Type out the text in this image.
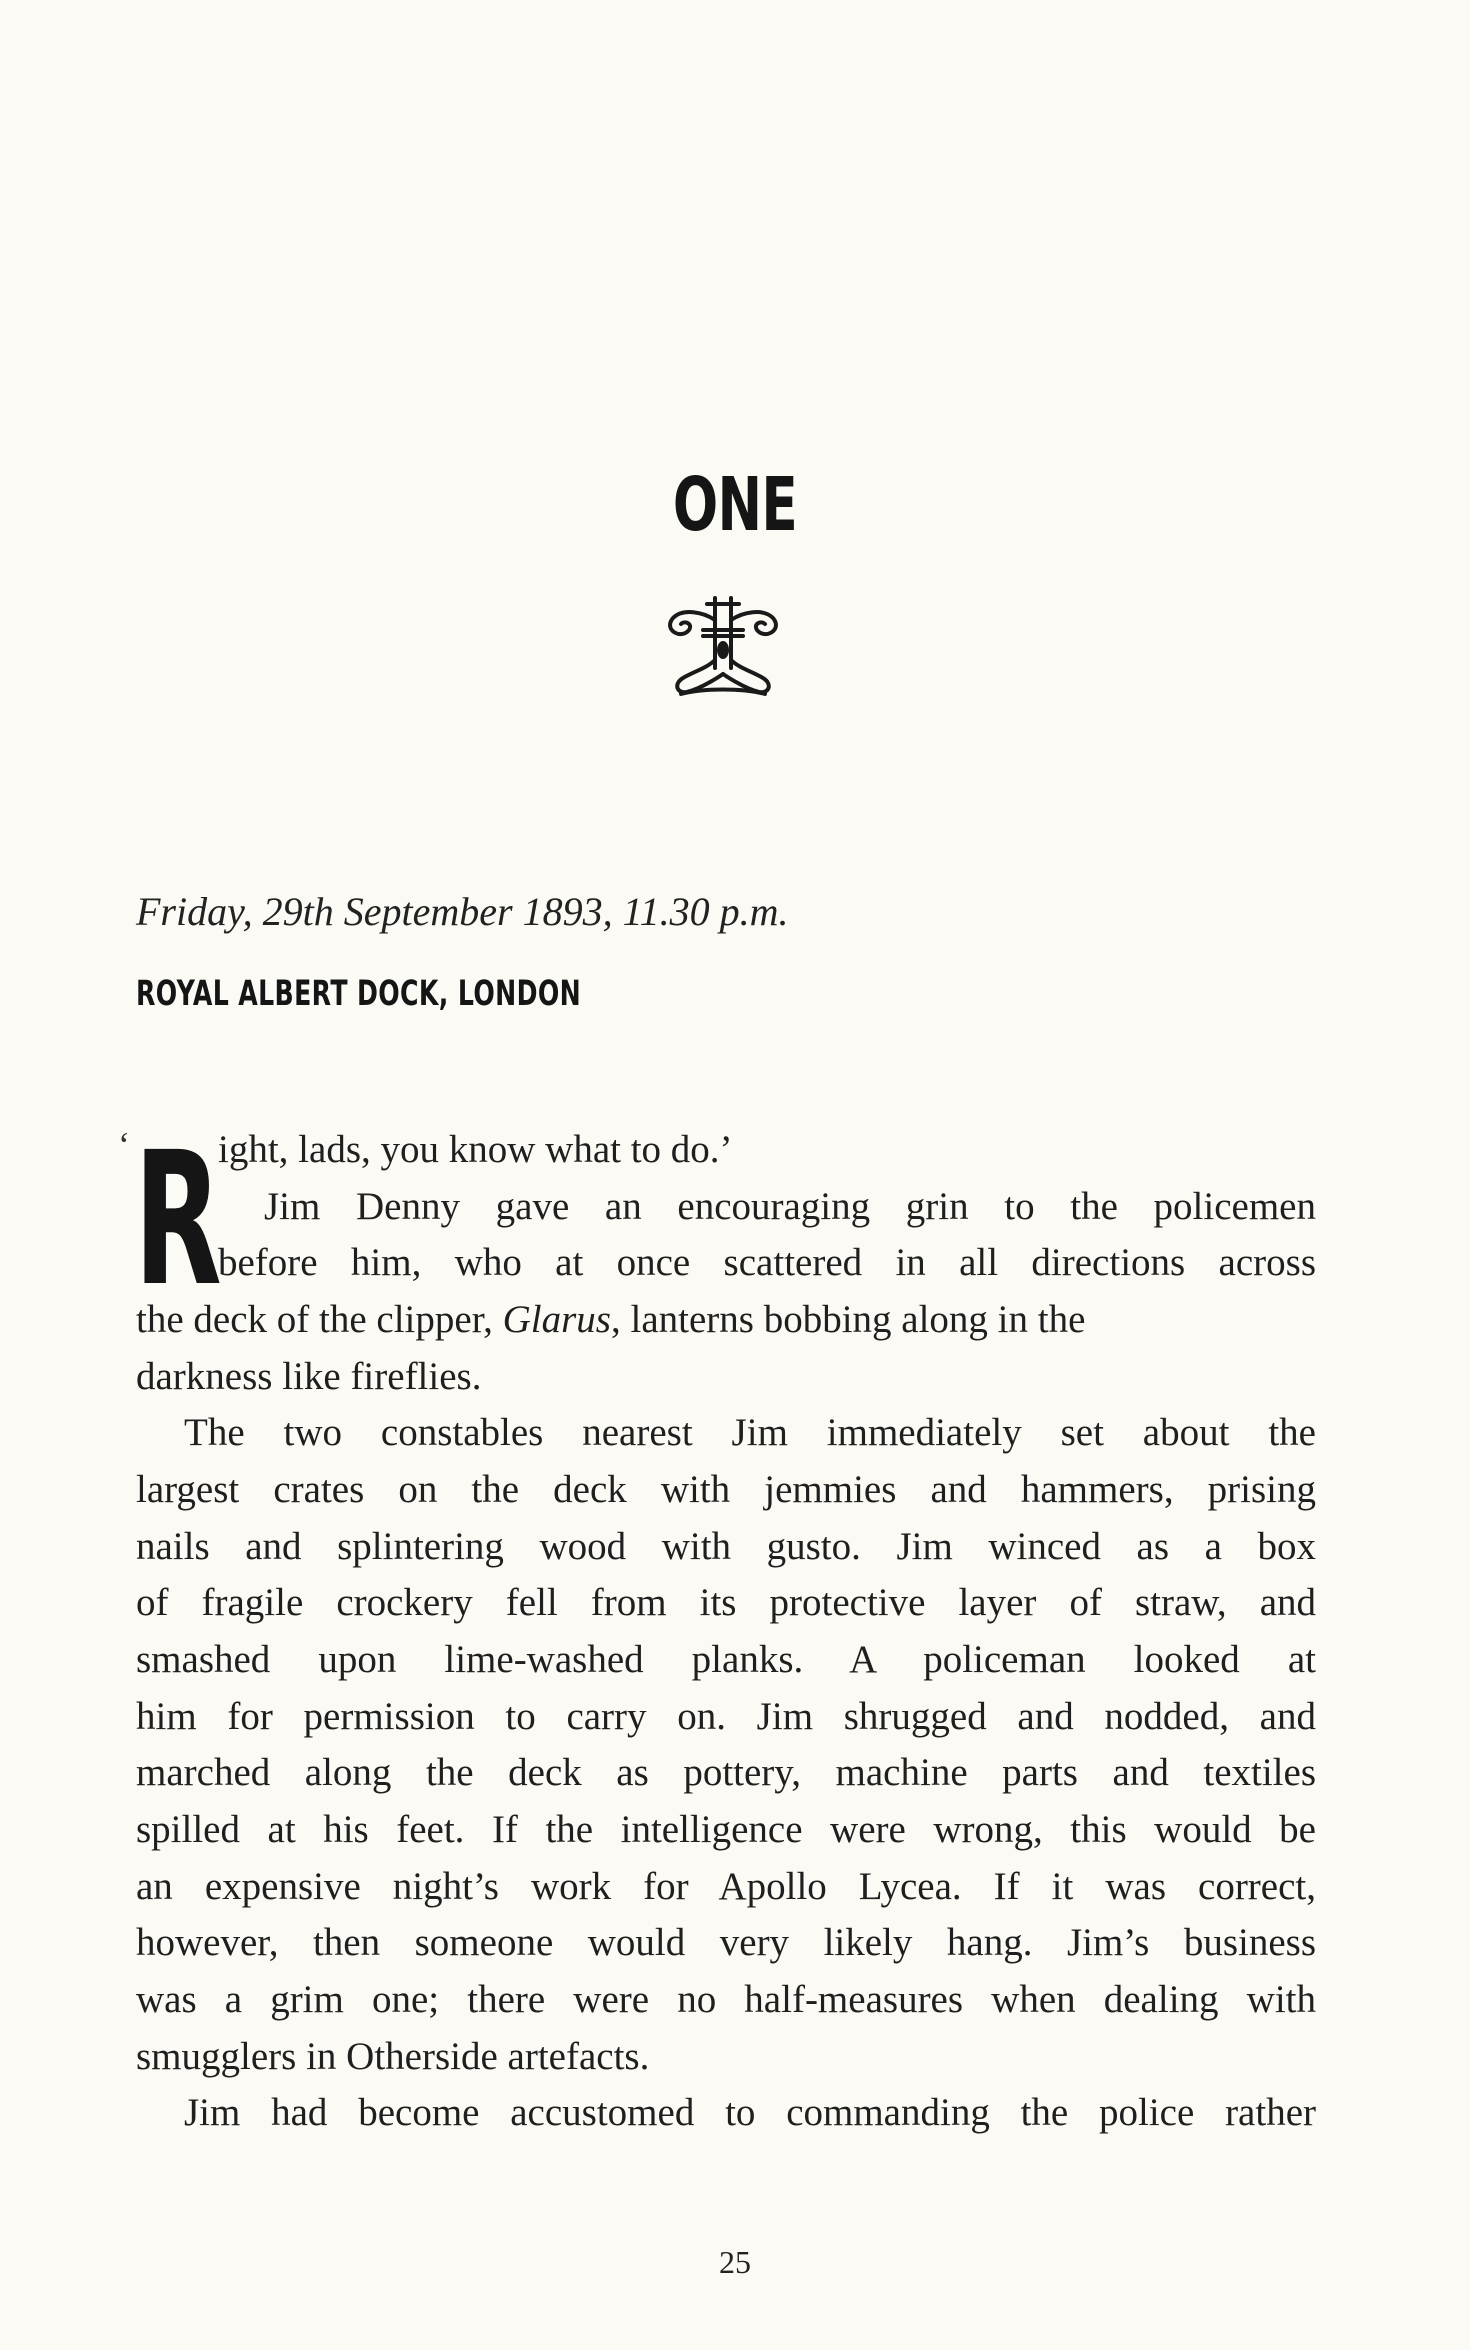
ONE
Friday, 29th September 1893, 11.30 p.m.
ROYAL ALBERT DOCK, LONDON
‘ R
ight, lads, you know what to do.’
Jim Denny gave an encouraging grin to the policemen
before him, who at once scattered in all directions across
the deck of the clipper, Glarus, lanterns bobbing along in the
darkness like fireflies.
The two constables nearest Jim immediately set about the
largest crates on the deck with jemmies and hammers, prising
nails and splintering wood with gusto. Jim winced as a box
of fragile crockery fell from its protective layer of straw, and
smashed upon lime-washed planks. A policeman looked at
him for permission to carry on. Jim shrugged and nodded, and
marched along the deck as pottery, machine parts and textiles
spilled at his feet. If the intelligence were wrong, this would be
an expensive night’s work for Apollo Lycea. If it was correct,
however, then someone would very likely hang. Jim’s business
was a grim one; there were no half-measures when dealing with
smugglers in Otherside artefacts.
Jim had become accustomed to commanding the police rather
25
